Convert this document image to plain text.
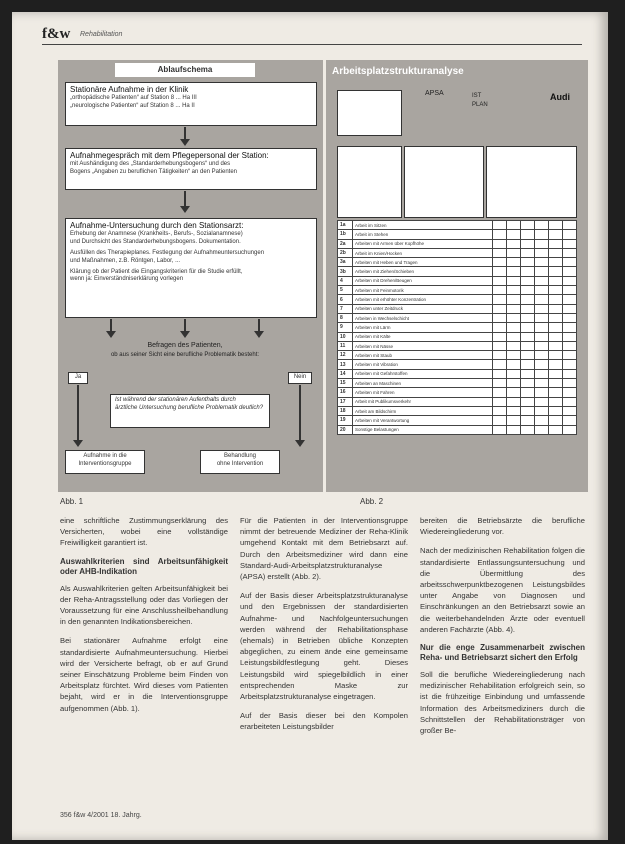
f&w Rehabilitation
Ablaufschema
Stationäre Aufnahme in der Klinik
„orthopädische Patienten“ auf Station 8 ... Ha III
„neurologische Patienten“ auf Station 8 ... Ha II
Aufnahmegespräch mit dem Pflegepersonal der Station:
mit Aushändigung des „Standarderhebungsbogens“ und des
Bogens „Angaben zu beruflichen Tätigkeiten“ an den Patienten
Aufnahme-Untersuchung durch den Stationsarzt:
Erhebung der Anamnese (Krankheits-, Berufs-, Sozialanamnese)
und Durchsicht des Standarderhebungsbogens. Dokumentation.
Ausfüllen des Therapieplanes. Festlegung der Aufnahmeuntersuchungen
und Maßnahmen, z.B. Röntgen, Labor, ...
Klärung ob der Patient die Eingangskriterien für die Studie erfüllt,
wenn ja: Einverständniserklärung vorlegen
Befragen des Patienten,
ob aus seiner Sicht eine berufliche Problematik besteht:
Ja	Nein
Ist während der stationären Aufenthalts durch
ärztliche Untersuchung berufliche Problematik deutlich?
Aufnahme in die
Interventionsgruppe
Behandlung
ohne Intervention
Arbeitsplatzstrukturanalyse
APSA	IST
PLAN
Audi
1a	Arbeit im Sitzen						
1b	Arbeit im Stehen						
2a	Arbeiten mit Armen über Kopfhöhe						
2b	Arbeit im Knien/Hocken						
3a	Arbeiten mit Heben und Tragen						
3b	Arbeiten mit Ziehen/Schieben						
4	Arbeiten mit Drehen/Beugen						
5	Arbeiten mit Feinmotorik						
6	Arbeiten mit erhöhter Konzentration						
7	Arbeiten unter Zeitdruck						
8	Arbeiten in Wechselschicht						
9	Arbeiten mit Lärm						
10	Arbeiten mit Kälte						
11	Arbeiten mit Nässe						
12	Arbeiten mit Staub						
13	Arbeiten mit Vibration						
14	Arbeiten mit Gefahrstoffen						
15	Arbeiten an Maschinen						
16	Arbeiten mit Fahren						
17	Arbeit mit Publikumsverkehr						
18	Arbeit am Bildschirm						
19	Arbeiten mit Verantwortung						
20	Sonstige Belastungen						
Abb. 1	Abb. 2

eine schriftliche Zustimmungserklärung des Versicherten, wobei eine vollständige Freiwilligkeit garantiert ist.

Auswahlkriterien sind Arbeitsunfähigkeit oder AHB-Indikation

Als Auswahlkriterien gelten Arbeitsunfähigkeit bei der Reha-Antragsstellung oder das Vorliegen der Voraussetzung für eine Anschlussheilbehandlung in den genannten Indikationsbereichen.

Bei stationärer Aufnahme erfolgt eine standardisierte Aufnahmeuntersuchung. Hierbei wird der Versicherte befragt, ob er auf Grund seiner Einschätzung Probleme beim Finden von Arbeitsplatz fürchtet. Wird dieses vom Patienten bejaht, wird er in die Interventionsgruppe aufgenommen (Abb. 1).

Für die Patienten in der Interventionsgruppe nimmt der betreuende Mediziner der Reha-Klinik umgehend Kontakt mit dem Betriebsarzt auf. Durch den Arbeitsmediziner wird dann eine Standard-Audi-Arbeitsplatzstrukturanalyse (APSA) erstellt (Abb. 2).

Auf der Basis dieser Arbeitsplatzstrukturanalyse und den Ergebnissen der standardisierten Aufnahme- und Nachfolgeuntersuchungen werden während der Rehabilitationsphase (ehemals) in Betrieben übliche Konzepten abgeglichen, zu einem ände eine gemeinsame Leistungsbildfestlegung geht. Dieses Leistungsbild wird spiegelbildlich in einer entsprechenden Maske zur Arbeitsplatzstrukturanalyse eingetragen.

Auf der Basis dieser bei den Kompolen erarbeiteten Leistungsbilder

bereiten die Betriebsärzte die berufliche Wiedereingliederung vor.

Nach der medizinischen Rehabilitation folgen die standardisierte Entlassungsuntersuchung und die Übermittlung des arbeitsschwerpunktbezogenen Leistungsbildes unter Angabe von Diagnosen und Einschränkungen an den Betriebsarzt sowie an die weiterbehandelnden Ärzte oder eventuell anderen Fachärzte (Abb. 4).

Nur die enge Zusammenarbeit zwischen Reha- und Betriebsarzt sichert den Erfolg

Soll die berufliche Wiedereingliederung nach medizinischer Rehabilitation erfolgreich sein, so ist die frühzeitige Einbindung und umfassende Information des Arbeitsmediziners durch die Schnittstellen der Rehabilitationsträger von großer Be-

356 f&w 4/2001 18. Jahrg.
